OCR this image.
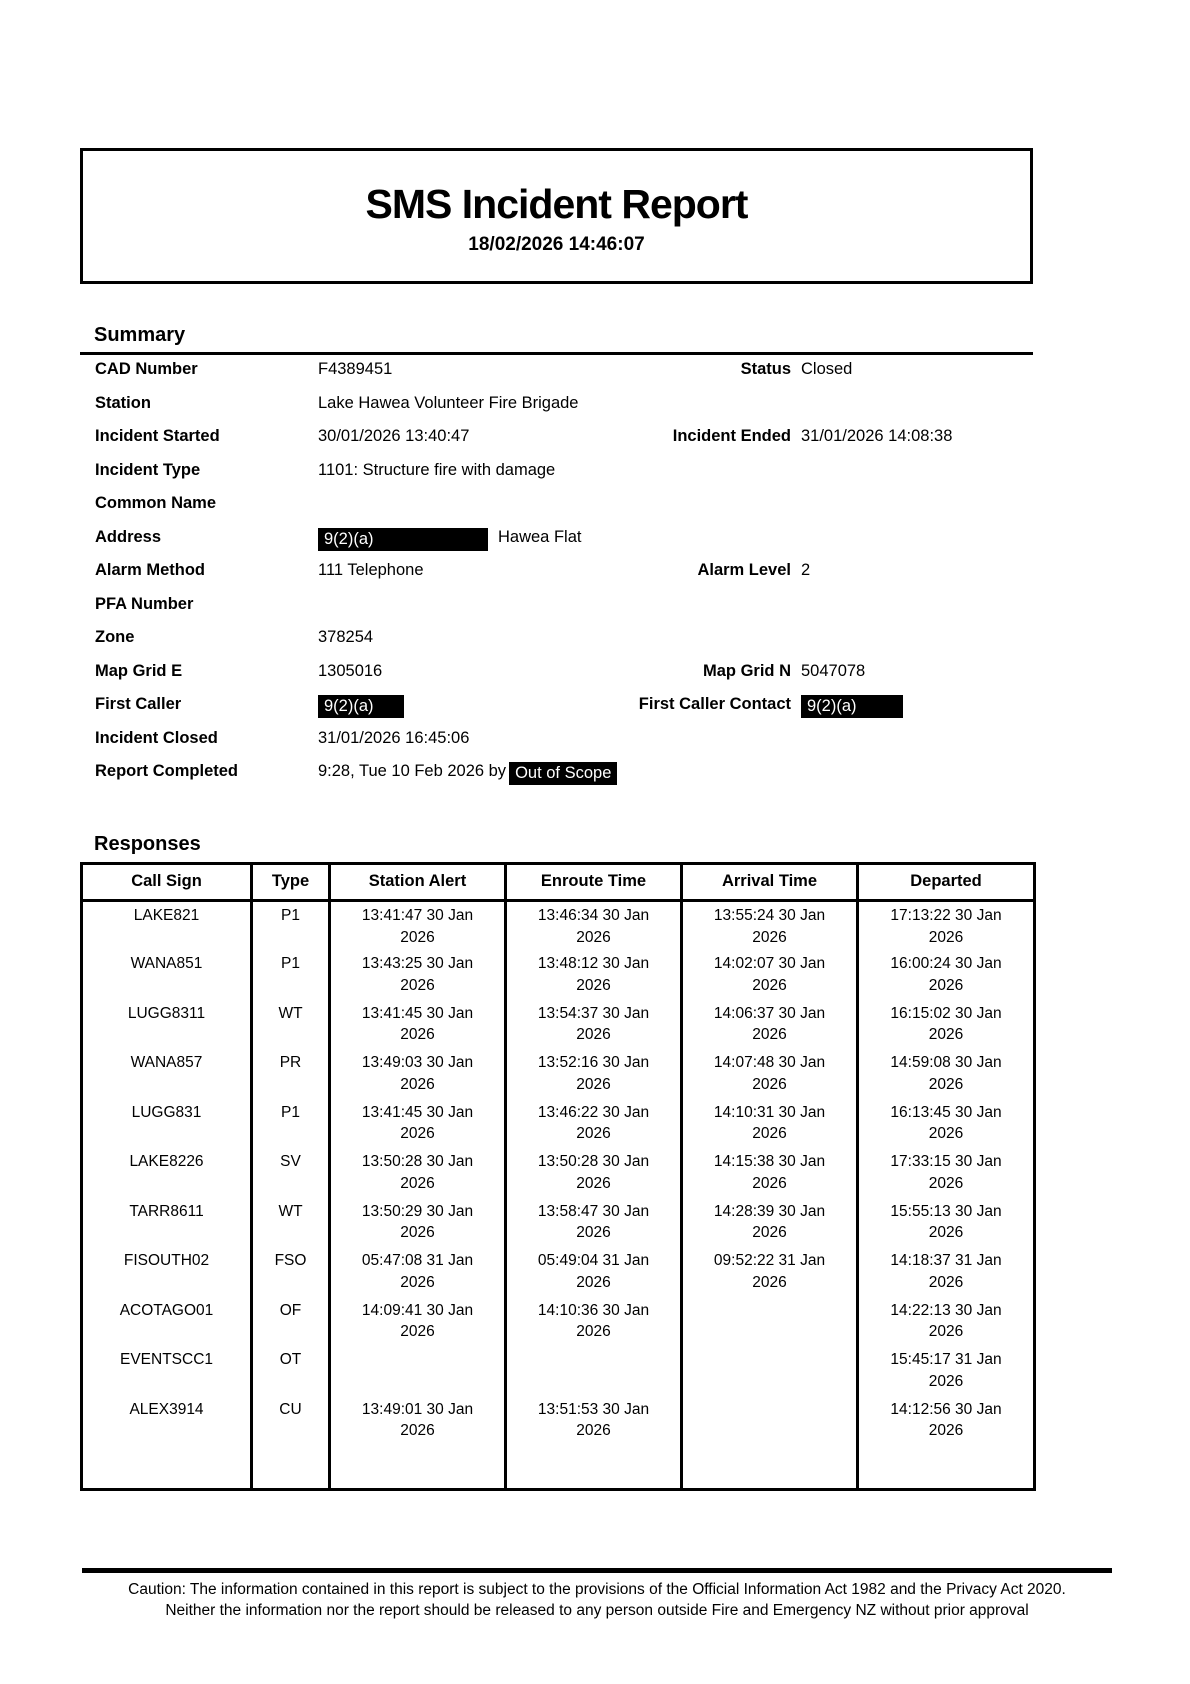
SMS Incident Report
18/02/2026 14:46:07
Summary
CAD Number	F4389451	Status Closed
Station	Lake Hawea Volunteer Fire Brigade
Incident Started	30/01/2026 13:40:47	Incident Ended 31/01/2026 14:08:38
Incident Type	1101: Structure fire with damage
Common Name
Address	9(2)(a)	Hawea Flat
Alarm Method	111 Telephone	Alarm Level 2
PFA Number
Zone	378254
Map Grid E	1305016	Map Grid N 5047078
First Caller	9(2)(a)	First Caller Contact 9(2)(a)
Incident Closed	31/01/2026 16:45:06
Report Completed	9:28, Tue 10 Feb 2026 by Out of Scope
Responses
Call Sign	Type	Station Alert	Enroute Time	Arrival Time	Departed
LAKE821	P1	13:41:47 30 Jan 2026	13:46:34 30 Jan 2026	13:55:24 30 Jan 2026	17:13:22 30 Jan 2026
WANA851	P1	13:43:25 30 Jan 2026	13:48:12 30 Jan 2026	14:02:07 30 Jan 2026	16:00:24 30 Jan 2026
LUGG8311	WT	13:41:45 30 Jan 2026	13:54:37 30 Jan 2026	14:06:37 30 Jan 2026	16:15:02 30 Jan 2026
WANA857	PR	13:49:03 30 Jan 2026	13:52:16 30 Jan 2026	14:07:48 30 Jan 2026	14:59:08 30 Jan 2026
LUGG831	P1	13:41:45 30 Jan 2026	13:46:22 30 Jan 2026	14:10:31 30 Jan 2026	16:13:45 30 Jan 2026
LAKE8226	SV	13:50:28 30 Jan 2026	13:50:28 30 Jan 2026	14:15:38 30 Jan 2026	17:33:15 30 Jan 2026
TARR8611	WT	13:50:29 30 Jan 2026	13:58:47 30 Jan 2026	14:28:39 30 Jan 2026	15:55:13 30 Jan 2026
FISOUTH02	FSO	05:47:08 31 Jan 2026	05:49:04 31 Jan 2026	09:52:22 31 Jan 2026	14:18:37 31 Jan 2026
ACOTAGO01	OF	14:09:41 30 Jan 2026	14:10:36 30 Jan 2026		14:22:13 30 Jan 2026
EVENTSCC1	OT				15:45:17 31 Jan 2026
ALEX3914	CU	13:49:01 30 Jan 2026	13:51:53 30 Jan 2026		14:12:56 30 Jan 2026

Caution: The information contained in this report is subject to the provisions of the Official Information Act 1982 and the Privacy Act 2020.
Neither the information nor the report should be released to any person outside Fire and Emergency NZ without prior approval
